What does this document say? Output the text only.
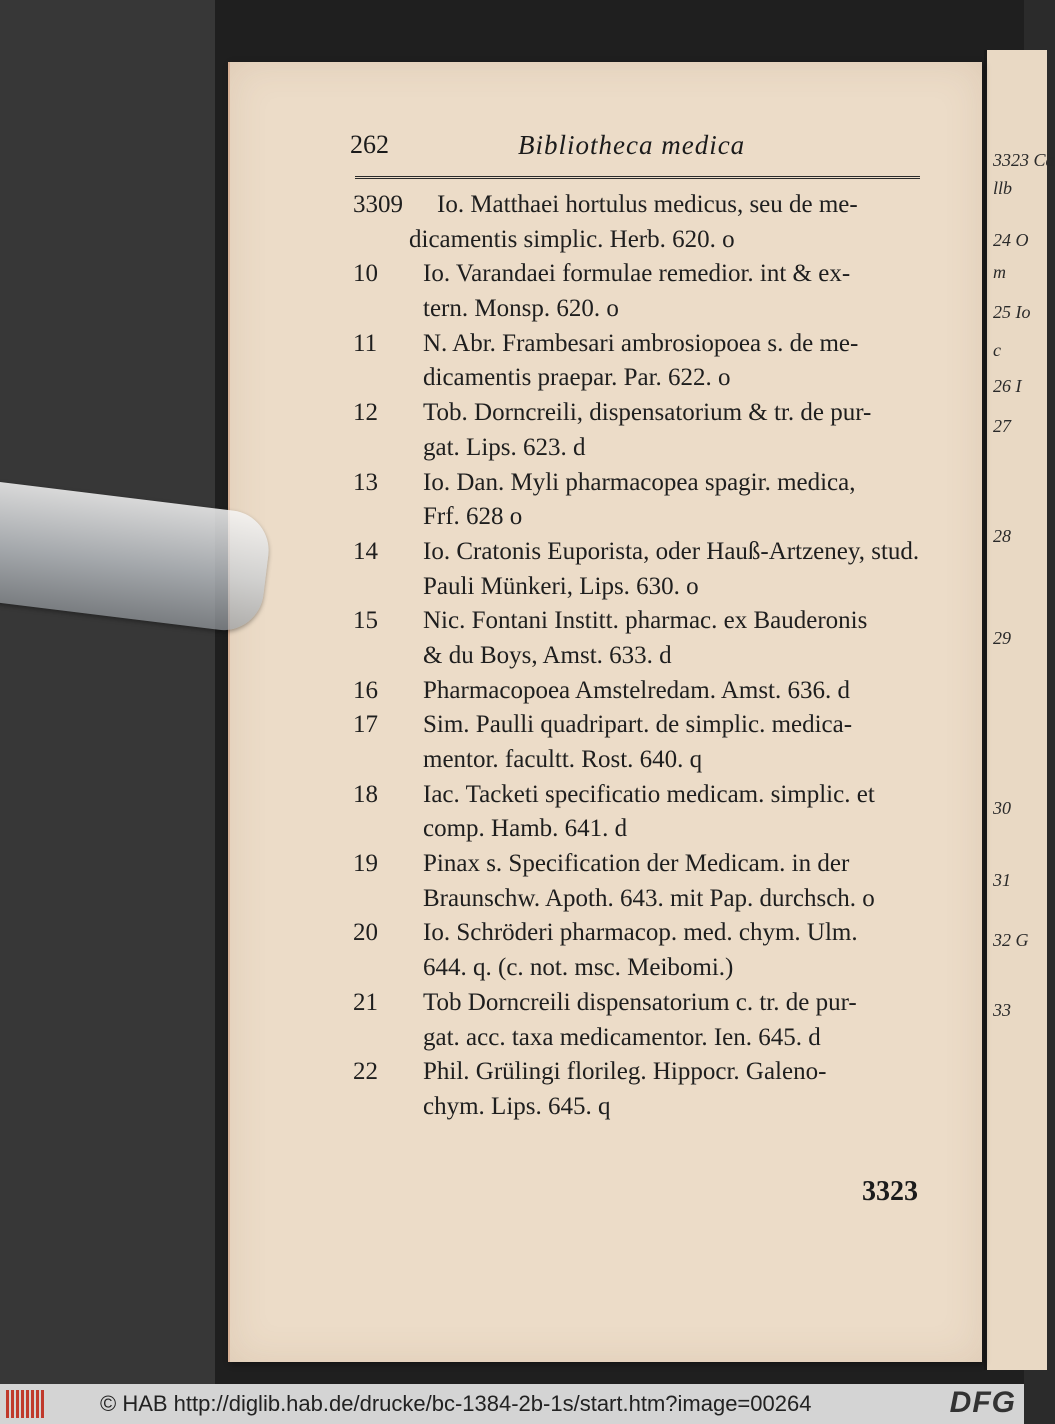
3323 Ca
llb
24 O
m
25 Io
c
26 I
27
28
29
30
31
32 G
33
262	Bibliotheca medica
3309 Io. Matthaei hortulus medicus, seu de me-
dicamentis simplic. Herb. 620. o
10 Io. Varandaei formulae remedior. int & ex-
tern. Monsp. 620. o
11 N. Abr. Frambesari ambrosiopoea s. de me-
dicamentis praepar. Par. 622. o
12 Tob. Dorncreili, dispensatorium & tr. de pur-
gat. Lips. 623. d
13 Io. Dan. Myli pharmacopea spagir. medica,
Frf. 628 o
14 Io. Cratonis Euporista, oder Hauß-Artzeney, stud.
Pauli Münkeri, Lips. 630. o
15 Nic. Fontani Institt. pharmac. ex Bauderonis
& du Boys, Amst. 633. d
16 Pharmacopoea Amstelredam. Amst. 636. d
17 Sim. Paulli quadripart. de simplic. medica-
mentor. facultt. Rost. 640. q
18 Iac. Tacketi specificatio medicam. simplic. et
comp. Hamb. 641. d
19 Pinax s. Specification der Medicam. in der
Braunschw. Apoth. 643. mit Pap. durchsch. o
20 Io. Schröderi pharmacop. med. chym. Ulm.
644. q. (c. not. msc. Meibomi.)
21 Tob Dorncreili dispensatorium c. tr. de pur-
gat. acc. taxa medicamentor. Ien. 645. d
22 Phil. Grülingi florileg. Hippocr. Galeno-
chym. Lips. 645. q
3323
© HAB http://diglib.hab.de/drucke/bc-1384-2b-1s/start.htm?image=00264	DFG
